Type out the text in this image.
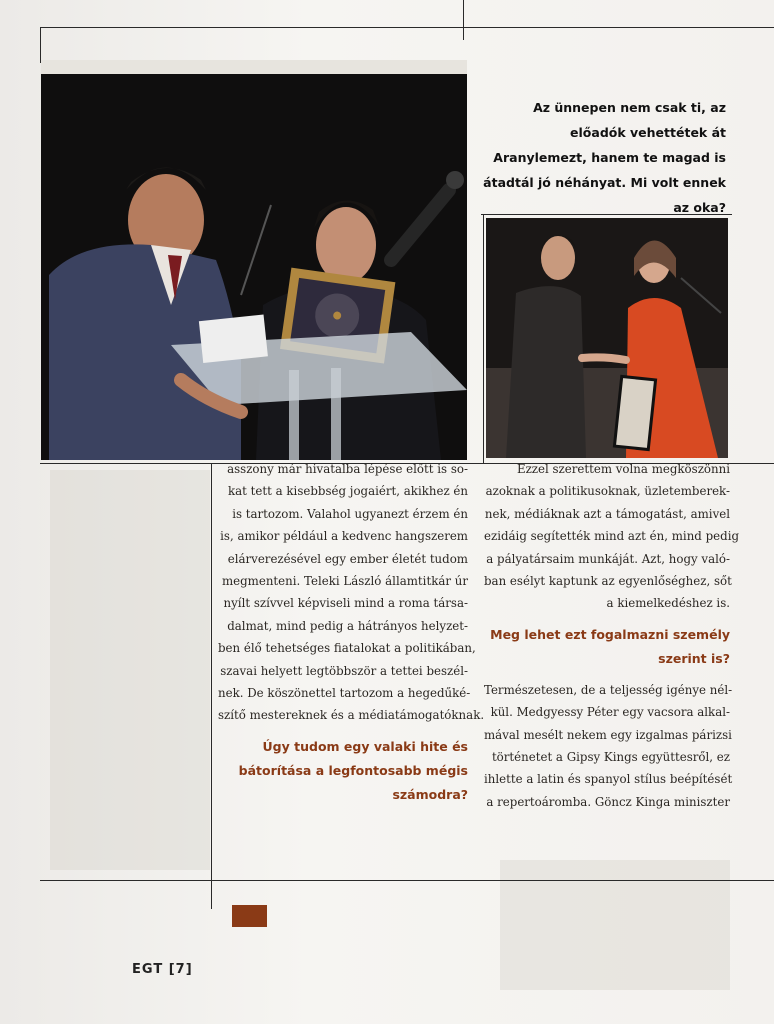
Az ünnepen nem csak ti, az előadók vehettétek át Aranylemezt, hanem te magad is átadtál jó néhányat. Mi volt ennek az oka?
asszony már hivatalba lépése előtt is so-
kat tett a kisebbség jogaiért, akikhez én
is tartozom. Valahol ugyanezt érzem én
is, amikor például a kedvenc hangszerem
elárverezésével egy ember életét tudom
megmenteni. Teleki László államtitkár úr
nyílt szívvel képviseli mind a roma társa-
dalmat, mind pedig a hátrányos helyzet-
ben élő tehetséges fiatalokat a politikában,
szavai helyett legtöbbször a tettei beszél-
nek. De köszönettel tartozom a hegedűké-
szítő mestereknek és a médiatámogatóknak.
Úgy tudom egy valaki hite és bátorítása a legfontosabb mégis számodra?
Ezzel szerettem volna megköszönni
azoknak a politikusoknak, üzletemberek-
nek, médiáknak azt a támogatást, amivel
ezidáig segítették mind azt én, mind pedig
a pályatársaim munkáját. Azt, hogy való-
ban esélyt kaptunk az egyenlőséghez, sőt
a kiemelkedéshez is.
Meg lehet ezt fogalmazni személy szerint is?
Természetesen, de a teljesség igénye nél-
kül. Medgyessy Péter egy vacsora alkal-
mával mesélt nekem egy izgalmas párizsi
történetet a Gipsy Kings együttesről, ez
ihlette a latin és spanyol stílus beépítését
a repertoáromba. Göncz Kinga miniszter
EGT [7]
